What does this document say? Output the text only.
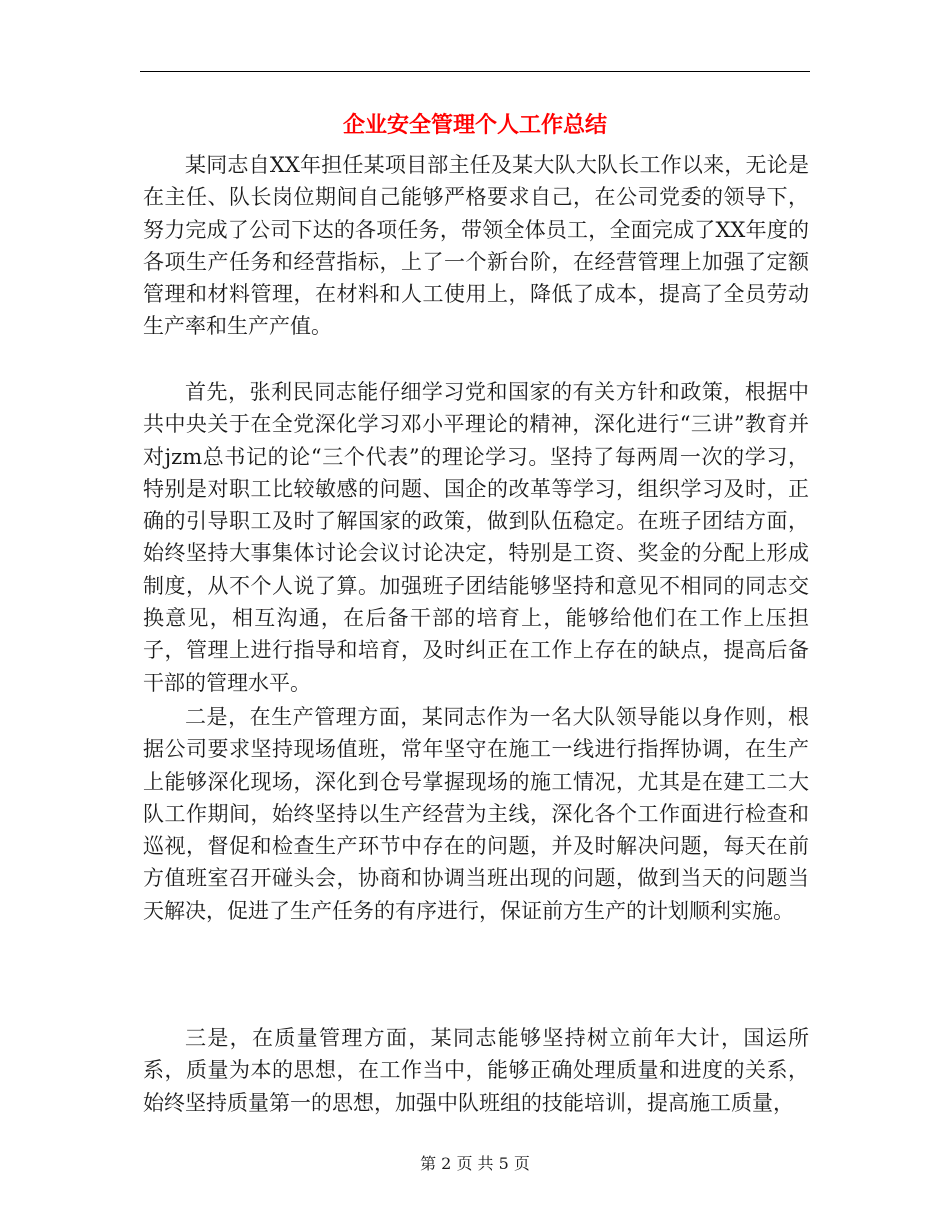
企业安全管理个人工作总结

某同志自XX年担任某项目部主任及某大队大队长工作以来，无论是在主任、队长岗位期间自己能够严格要求自己，在公司党委的领导下，努力完成了公司下达的各项任务，带领全体员工，全面完成了XX年度的各项生产任务和经营指标，上了一个新台阶，在经营管理上加强了定额管理和材料管理，在材料和人工使用上，降低了成本，提高了全员劳动生产率和生产产值。

首先，张利民同志能仔细学习党和国家的有关方针和政策，根据中共中央关于在全党深化学习邓小平理论的精神，深化进行“三讲”教育并对jzm总书记的论“三个代表”的理论学习。坚持了每两周一次的学习，特别是对职工比较敏感的问题、国企的改革等学习，组织学习及时，正确的引导职工及时了解国家的政策，做到队伍稳定。在班子团结方面，始终坚持大事集体讨论会议讨论决定，特别是工资、奖金的分配上形成制度，从不个人说了算。加强班子团结能够坚持和意见不相同的同志交换意见，相互沟通，在后备干部的培育上，能够给他们在工作上压担子，管理上进行指导和培育，及时纠正在工作上存在的缺点，提高后备干部的管理水平。

二是，在生产管理方面，某同志作为一名大队领导能以身作则，根据公司要求坚持现场值班，常年坚守在施工一线进行指挥协调，在生产上能够深化现场，深化到仓号掌握现场的施工情况，尤其是在建工二大队工作期间，始终坚持以生产经营为主线，深化各个工作面进行检查和巡视，督促和检查生产环节中存在的问题，并及时解决问题，每天在前方值班室召开碰头会，协商和协调当班出现的问题，做到当天的问题当天解决，促进了生产任务的有序进行，保证前方生产的计划顺利实施。

三是，在质量管理方面，某同志能够坚持树立前年大计，国运所系，质量为本的思想，在工作当中，能够正确处理质量和进度的关系，始终坚持质量第一的思想，加强中队班组的技能培训，提高施工质量，

第 2 页 共 5 页
